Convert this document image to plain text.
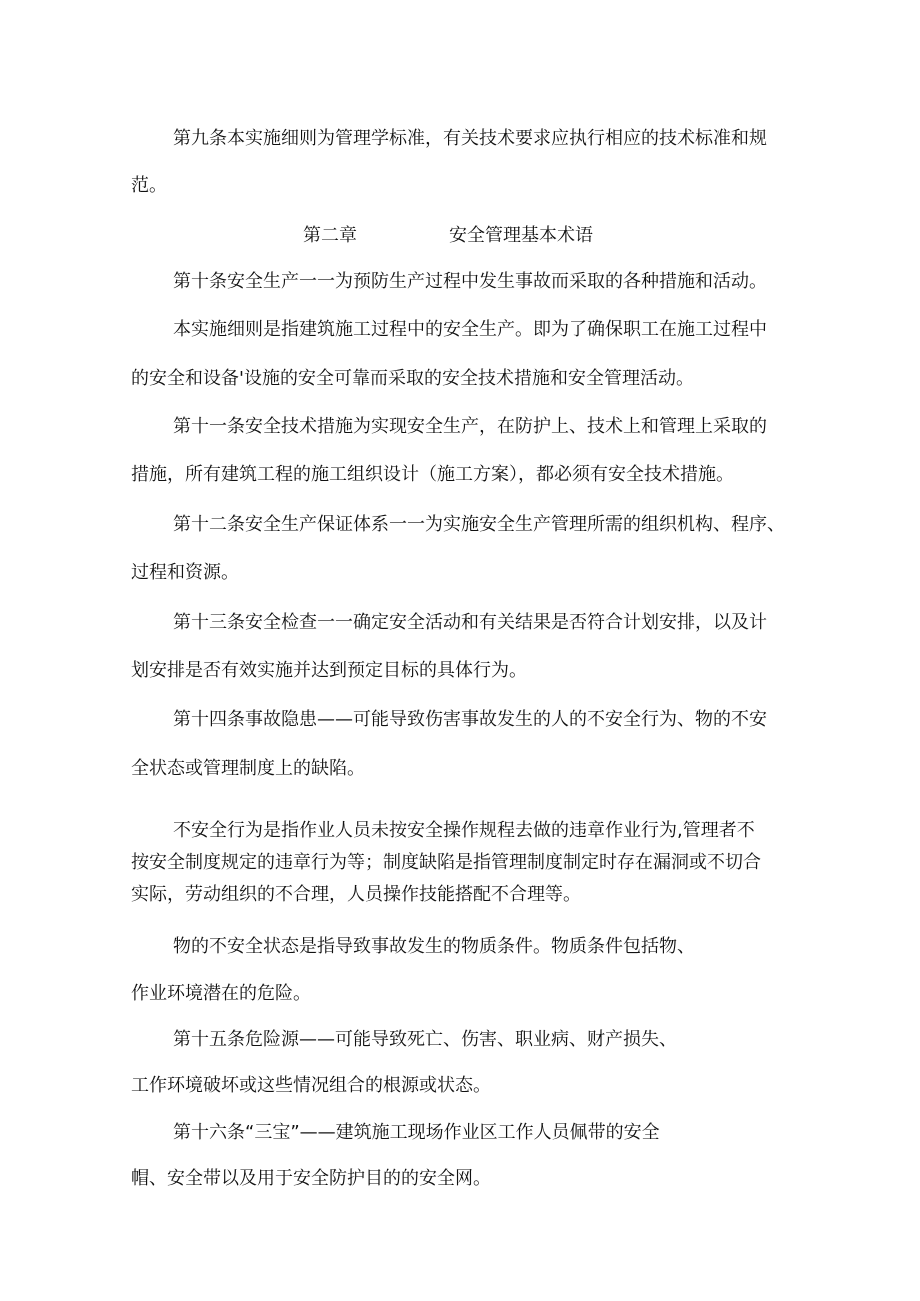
第九条本实施细则为管理学标准，有关技术要求应执行相应的技术标准和规

范。

第二章	安全管理基本术语

第十条安全生产一一为预防生产过程中发生事故而采取的各种措施和活动。

本实施细则是指建筑施工过程中的安全生产。即为了确保职工在施工过程中

的安全和设备'设施的安全可靠而采取的安全技术措施和安全管理活动。

第十一条安全技术措施为实现安全生产，在防护上、技术上和管理上采取的

措施，所有建筑工程的施工组织设计（施工方案），都必须有安全技术措施。

第十二条安全生产保证体系一一为实施安全生产管理所需的组织机构、程序、

过程和资源。

第十三条安全检查一一确定安全活动和有关结果是否符合计划安排，以及计

划安排是否有效实施并达到预定目标的具体行为。

第十四条事故隐患——可能导致伤害事故发生的人的不安全行为、物的不安

全状态或管理制度上的缺陷。

不安全行为是指作业人员未按安全操作规程去做的违章作业行为,管理者不

按安全制度规定的违章行为等；制度缺陷是指管理制度制定时存在漏洞或不切合

实际，劳动组织的不合理，人员操作技能搭配不合理等。

物的不安全状态是指导致事故发生的物质条件。物质条件包括物、

作业环境潜在的危险。

第十五条危险源——可能导致死亡、伤害、职业病、财产损失、

工作环境破坏或这些情况组合的根源或状态。

第十六条“三宝”——建筑施工现场作业区工作人员佩带的安全

帽、安全带以及用于安全防护目的的安全网。
